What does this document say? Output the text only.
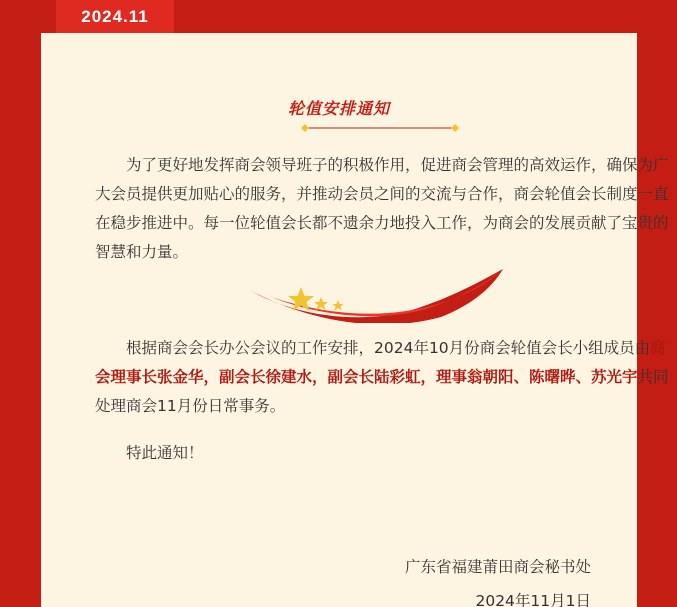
2024.11
轮值安排通知
为了更好地发挥商会领导班子的积极作用，促进商会管理的高效运作，确保为广大会员提供更加贴心的服务，并推动会员之间的交流与合作，商会轮值会长制度一直在稳步推进中。每一位轮值会长都不遗余力地投入工作，为商会的发展贡献了宝贵的智慧和力量。
根据商会会长办公会议的工作安排，2024年10月份商会轮值会长小组成员由商会理事长张金华，副会长徐建水，副会长陆彩虹，理事翁朝阳、陈曙晔、苏光宇共同处理商会11月份日常事务。
特此通知！
广东省福建莆田商会秘书处
2024年11月1日
